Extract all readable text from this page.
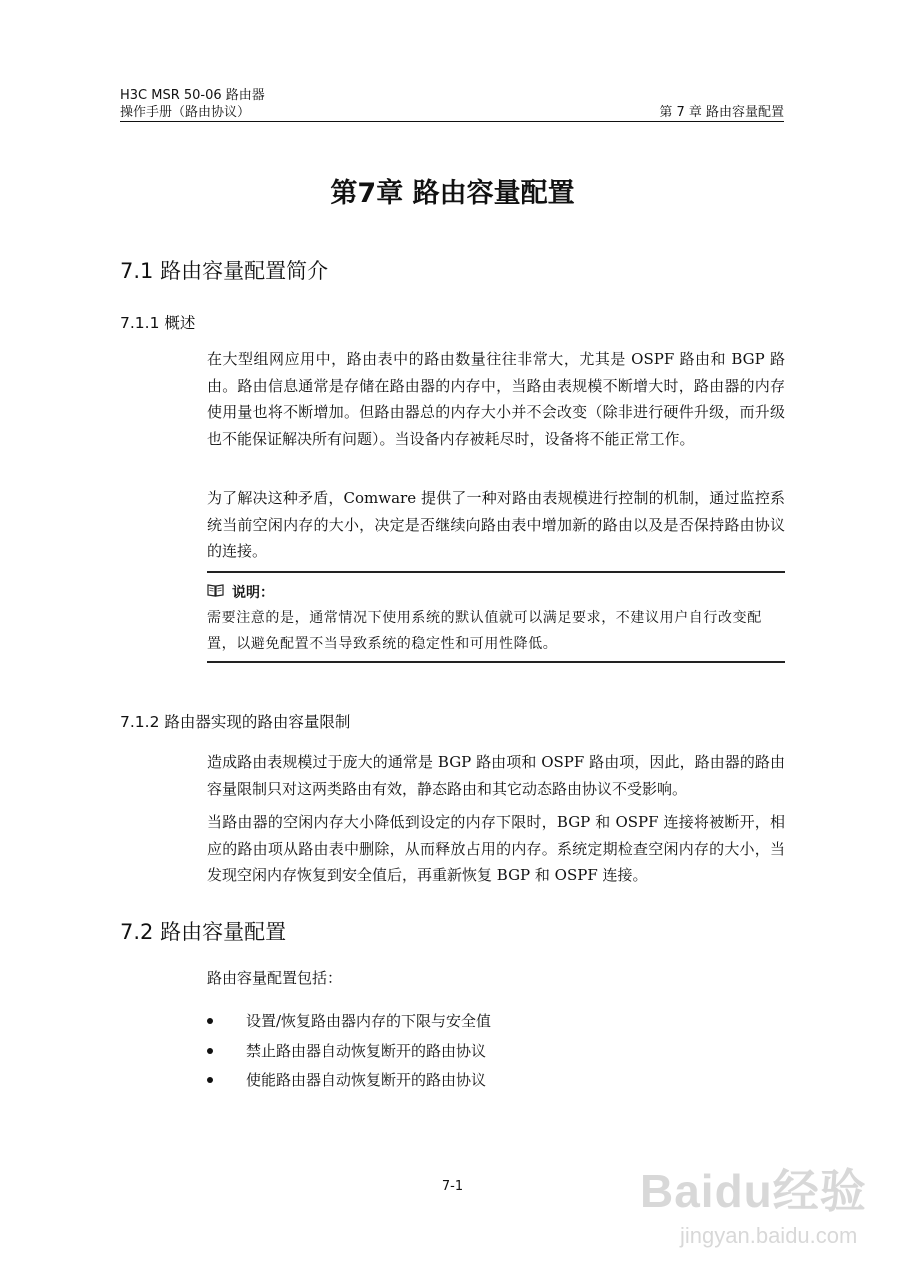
H3C MSR 50-06 路由器
操作手册（路由协议）	第 7 章 路由容量配置
第7章 路由容量配置
7.1 路由容量配置简介
7.1.1 概述
在大型组网应用中，路由表中的路由数量往往非常大，尤其是 OSPF 路由和 BGP 路由。路由信息通常是存储在路由器的内存中，当路由表规模不断增大时，路由器的内存使用量也将不断增加。但路由器总的内存大小并不会改变（除非进行硬件升级，而升级也不能保证解决所有问题）。当设备内存被耗尽时，设备将不能正常工作。
为了解决这种矛盾，Comware 提供了一种对路由表规模进行控制的机制，通过监控系统当前空闲内存的大小，决定是否继续向路由表中增加新的路由以及是否保持路由协议的连接。
说明：
需要注意的是，通常情况下使用系统的默认值就可以满足要求，不建议用户自行改变配置，以避免配置不当导致系统的稳定性和可用性降低。
7.1.2 路由器实现的路由容量限制
造成路由表规模过于庞大的通常是 BGP 路由项和 OSPF 路由项，因此，路由器的路由容量限制只对这两类路由有效，静态路由和其它动态路由协议不受影响。
当路由器的空闲内存大小降低到设定的内存下限时，BGP 和 OSPF 连接将被断开，相应的路由项从路由表中删除，从而释放占用的内存。系统定期检查空闲内存的大小，当发现空闲内存恢复到安全值后，再重新恢复 BGP 和 OSPF 连接。
7.2 路由容量配置
路由容量配置包括：
设置/恢复路由器内存的下限与安全值
禁止路由器自动恢复断开的路由协议
使能路由器自动恢复断开的路由协议
7-1	Baidu经验
jingyan.baidu.com
